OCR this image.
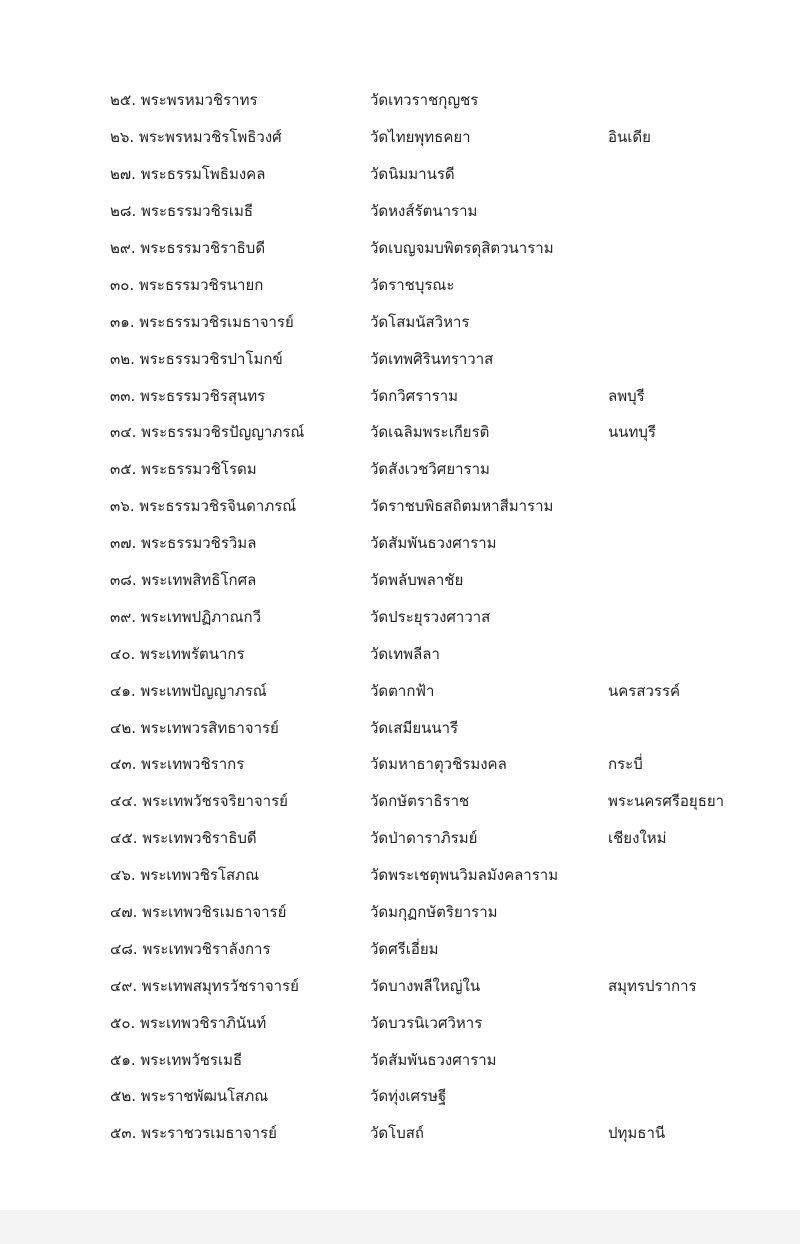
๒๕. พระพรหมวชิราทร	วัดเทวราชกุญชร
๒๖. พระพรหมวชิรโพธิวงศ์	วัดไทยพุทธคยา	อินเดีย
๒๗. พระธรรมโพธิมงคล	วัดนิมมานรดี
๒๘. พระธรรมวชิรเมธี	วัดหงส์รัตนาราม
๒๙. พระธรรมวชิราธิบดี	วัดเบญจมบพิตรดุสิตวนาราม
๓๐. พระธรรมวชิรนายก	วัดราชบุรณะ
๓๑. พระธรรมวชิรเมธาจารย์	วัดโสมนัสวิหาร
๓๒. พระธรรมวชิรปาโมกข์	วัดเทพศิรินทราวาส
๓๓. พระธรรมวชิรสุนทร	วัดกวิศราราม	ลพบุรี
๓๔. พระธรรมวชิรปัญญาภรณ์	วัดเฉลิมพระเกียรติ	นนทบุรี
๓๕. พระธรรมวชิโรดม	วัดสังเวชวิศยาราม
๓๖. พระธรรมวชิรจินดาภรณ์	วัดราชบพิธสถิตมหาสีมาราม
๓๗. พระธรรมวชิรวิมล	วัดสัมพันธวงศาราม
๓๘. พระเทพสิทธิโกศล	วัดพลับพลาชัย
๓๙. พระเทพปฏิภาณกวี	วัดประยุรวงศาวาส
๔๐. พระเทพรัตนากร	วัดเทพลีลา
๔๑. พระเทพปัญญาภรณ์	วัดตากฟ้า	นครสวรรค์
๔๒. พระเทพวรสิทธาจารย์	วัดเสมียนนารี
๔๓. พระเทพวชิรากร	วัดมหาธาตุวชิรมงคล	กระบี่
๔๔. พระเทพวัชรจริยาจารย์	วัดกษัตราธิราช	พระนครศรีอยุธยา
๔๕. พระเทพวชิราธิบดี	วัดป่าดาราภิรมย์	เชียงใหม่
๔๖. พระเทพวชิรโสภณ	วัดพระเชตุพนวิมลมังคลาราม
๔๗. พระเทพวชิรเมธาจารย์	วัดมกุฏกษัตริยาราม
๔๘. พระเทพวชิราลังการ	วัดศรีเอี่ยม
๔๙. พระเทพสมุทรวัชราจารย์	วัดบางพลีใหญ่ใน	สมุทรปราการ
๕๐. พระเทพวชิราภินันท์	วัดบวรนิเวศวิหาร
๕๑. พระเทพวัชรเมธี	วัดสัมพันธวงศาราม
๕๒. พระราชพัฒนโสภณ	วัดทุ่งเศรษฐี
๕๓. พระราชวรเมธาจารย์	วัดโบสถ์	ปทุมธานี
